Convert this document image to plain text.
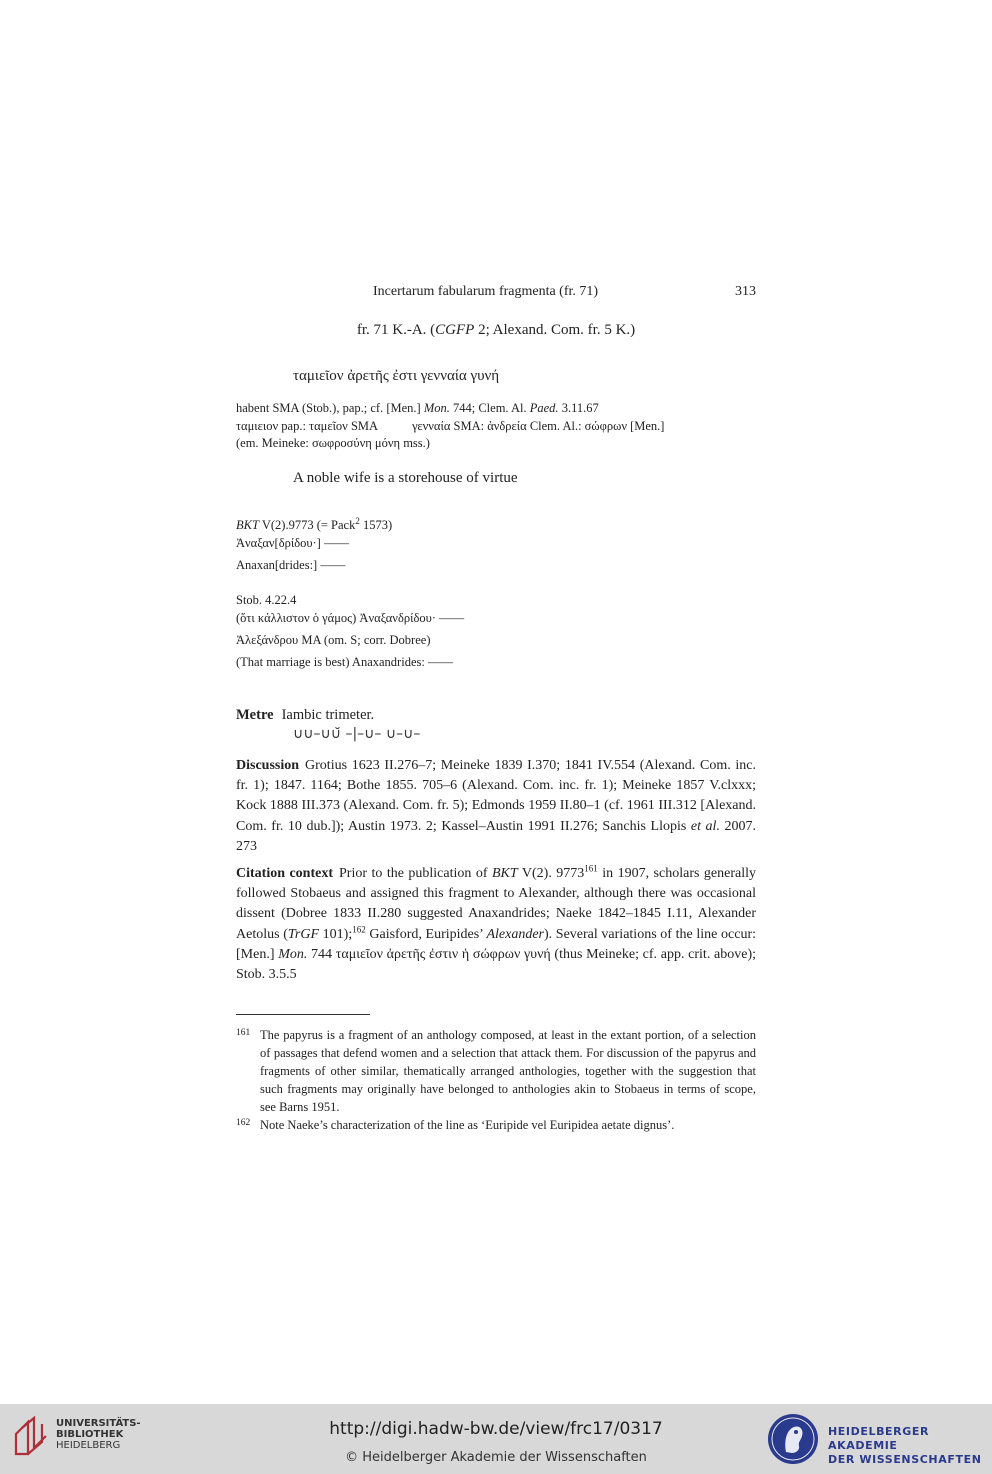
Incertarum fabularum fragmenta (fr. 71)	313
fr. 71 K.-A. (CGFP 2; Alexand. Com. fr. 5 K.)
ταμιεῖον ἀρετῆς ἐστι γενναία γυνή
habent SMA (Stob.), pap.; cf. [Men.] Mon. 744; Clem. Al. Paed. 3.11.67
ταμιειον pap.: ταμεῖον SMA	γενναία SMA: ἀνδρεία Clem. Al.: σώφρων [Men.]
(em. Meineke: σωφροσύνη μόνη mss.)
A noble wife is a storehouse of virtue

BKT V(2).9773 (= Pack$^2$ 1573)

Ἀναξαν[δρίδου·] ——

Anaxan[drides:] ——

Stob. 4.22.4

(ὅτι κάλλιστον ὁ γάμος) Ἀναξανδρίδου· ——

Ἀλεξάνδρου MA (om. S; corr. Dobree)

(That marriage is best) Anaxandrides: ——

Metre Iambic trimeter.
∪∪–∪∪̆ –|–∪– ∪–∪–
Discussion Grotius 1623 II.276–7; Meineke 1839 I.370; 1841 IV.554 (Alexand. Com. inc. fr. 1); 1847. 1164; Bothe 1855. 705–6 (Alexand. Com. inc. fr. 1); Meineke 1857 V.clxxx; Kock 1888 III.373 (Alexand. Com. fr. 5); Edmonds 1959 II.80–1 (cf. 1961 III.312 [Alexand. Com. fr. 10 dub.]); Austin 1973. 2; Kassel–Austin 1991 II.276; Sanchis Llopis et al. 2007. 273
Citation context Prior to the publication of BKT V(2). 9773$^{161}$ in 1907, scholars generally followed Stobaeus and assigned this fragment to Alexander, although there was occasional dissent (Dobree 1833 II.280 suggested Anaxandrides; Naeke 1842–1845 I.11, Alexander Aetolus (TrGF 101);$^{162}$ Gaisford, Euripides’ Alexander). Several variations of the line occur: [Men.] Mon. 744 ταμιεῖον ἀρετῆς ἐστιν ἡ σώφρων γυνή (thus Meineke; cf. app. crit. above); Stob. 3.5.5

161 The papyrus is a fragment of an anthology composed, at least in the extant portion, of a selection of passages that defend women and a selection that attack them. For discussion of the papyrus and fragments of other similar, thematically arranged anthologies, together with the suggestion that such fragments may originally have belonged to anthologies akin to Stobaeus in terms of scope, see Barns 1951.

162 Note Naeke’s characterization of the line as ‘Euripide vel Euripidea aetate dignus’.

UNIVERSITÄTS-
BIBLIOTHEK
HEIDELBERG
http://digi.hadw-bw.de/view/frc17/0317
© Heidelberger Akademie der Wissenschaften
HEIDELBERGER AKADEMIE
DER WISSENSCHAFTEN
